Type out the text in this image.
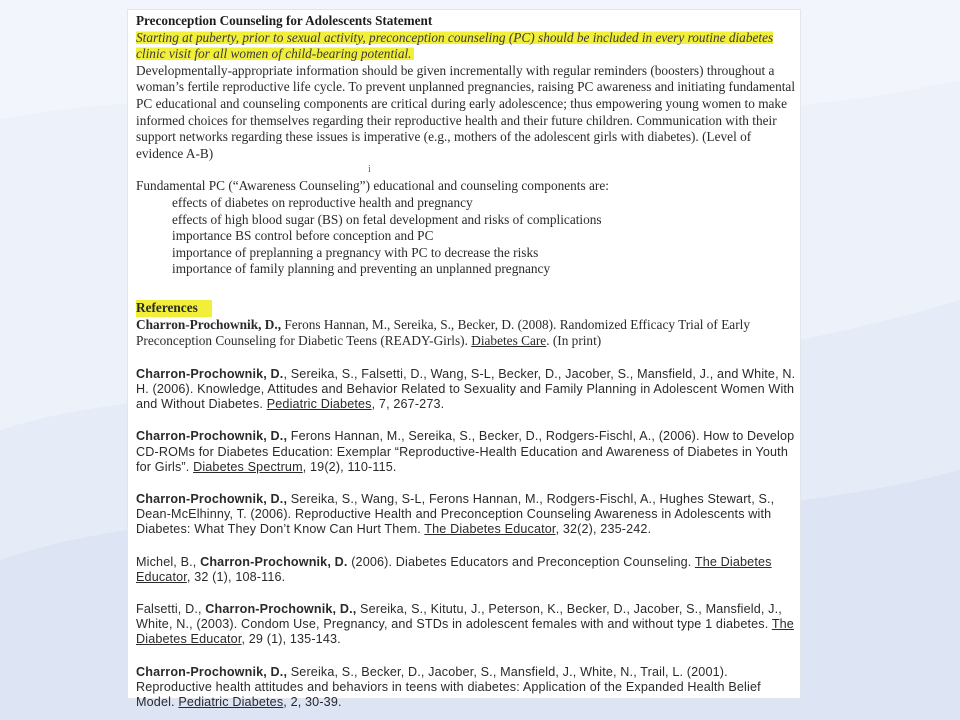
Preconception Counseling for Adolescents Statement

Starting at puberty, prior to sexual activity, preconception counseling (PC) should be included in every routine diabetes clinic visit for all women of child-bearing potential.

Developmentally-appropriate information should be given incrementally with regular reminders (boosters) throughout a woman’s fertile reproductive life cycle. To prevent unplanned pregnancies, raising PC awareness and initiating fundamental PC educational and counseling components are critical during early adolescence; thus empowering young women to make informed choices for themselves regarding their reproductive health and their future children. Communication with their support networks regarding these issues is imperative (e.g., mothers of the adolescent girls with diabetes). (Level of evidence A-B)

i

Fundamental PC (“Awareness Counseling”) educational and counseling components are:

effects of diabetes on reproductive health and pregnancy
effects of high blood sugar (BS) on fetal development and risks of complications
importance BS control before conception and PC
importance of preplanning a pregnancy with PC to decrease the risks
importance of family planning and preventing an unplanned pregnancy
References

Charron-Prochownik, D., Ferons Hannan, M., Sereika, S., Becker, D. (2008). Randomized Efficacy Trial of Early Preconception Counseling for Diabetic Teens (READY-Girls). Diabetes Care. (In print)

Charron-Prochownik, D., Sereika, S., Falsetti, D., Wang, S-L, Becker, D., Jacober, S., Mansfield, J., and White, N. H. (2006). Knowledge, Attitudes and Behavior Related to Sexuality and Family Planning in Adolescent Women With and Without Diabetes. Pediatric Diabetes, 7, 267-273.

Charron-Prochownik, D., Ferons Hannan, M., Sereika, S., Becker, D., Rodgers-Fischl, A., (2006). How to Develop CD-ROMs for Diabetes Education: Exemplar “Reproductive-Health Education and Awareness of Diabetes in Youth for Girls”. Diabetes Spectrum, 19(2), 110-115.

Charron-Prochownik, D., Sereika, S., Wang, S-L, Ferons Hannan, M., Rodgers-Fischl, A., Hughes Stewart, S., Dean-McElhinny, T. (2006). Reproductive Health and Preconception Counseling Awareness in Adolescents with Diabetes: What They Don’t Know Can Hurt Them. The Diabetes Educator, 32(2), 235-242.

Michel, B., Charron-Prochownik, D. (2006). Diabetes Educators and Preconception Counseling. The Diabetes Educator, 32 (1), 108-116.

Falsetti, D., Charron-Prochownik, D., Sereika, S., Kitutu, J., Peterson, K., Becker, D., Jacober, S., Mansfield, J., White, N., (2003). Condom Use, Pregnancy, and STDs in adolescent females with and without type 1 diabetes. The Diabetes Educator, 29 (1), 135-143.

Charron-Prochownik, D., Sereika, S., Becker, D., Jacober, S., Mansfield, J., White, N., Trail, L. (2001). Reproductive health attitudes and behaviors in teens with diabetes: Application of the Expanded Health Belief Model. Pediatric Diabetes, 2, 30-39.
